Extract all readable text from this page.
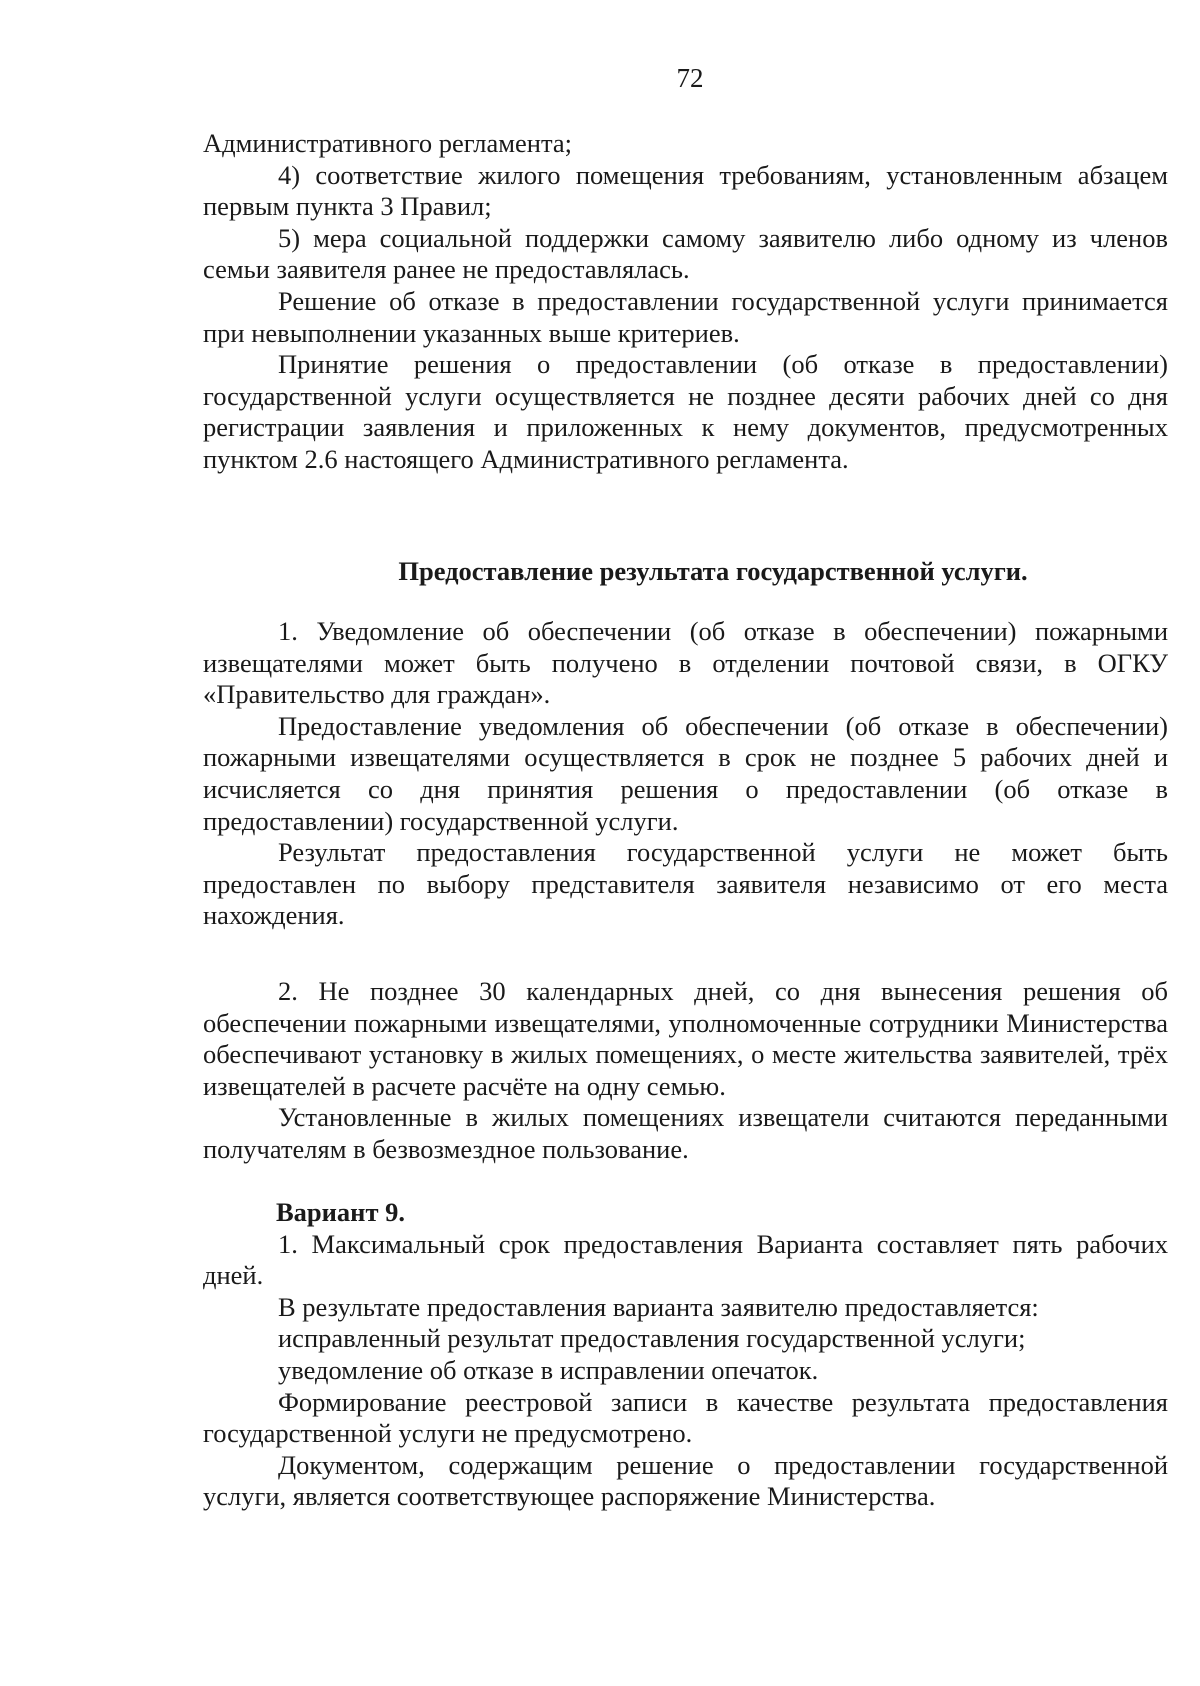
72

Административного регламента;

4) соответствие жилого помещения требованиям, установленным абзацем первым пункта 3 Правил;

5) мера социальной поддержки самому заявителю либо одному из членов семьи заявителя ранее не предоставлялась.

Решение об отказе в предоставлении государственной услуги принимается при невыполнении указанных выше критериев.

Принятие решения о предоставлении (об отказе в предоставлении) государственной услуги осуществляется не позднее десяти рабочих дней со дня регистрации заявления и приложенных к нему документов, предусмотренных пунктом 2.6 настоящего Административного регламента.

Предоставление результата государственной услуги.

1. Уведомление об обеспечении (об отказе в обеспечении) пожарными извещателями может быть получено в отделении почтовой связи, в ОГКУ «Правительство для граждан».

Предоставление уведомления об обеспечении (об отказе в обеспечении) пожарными извещателями осуществляется в срок не позднее 5 рабочих дней и исчисляется со дня принятия решения о предоставлении (об отказе в предоставлении) государственной услуги.

Результат предоставления государственной услуги не может быть предоставлен по выбору представителя заявителя независимо от его места нахождения.

2. Не позднее 30 календарных дней, со дня вынесения решения об обеспечении пожарными извещателями, уполномоченные сотрудники Министерства обеспечивают установку в жилых помещениях, о месте жительства заявителей, трёх извещателей в расчете расчёте на одну семью.

Установленные в жилых помещениях извещатели считаются переданными получателям в безвозмездное пользование.

Вариант 9.

1. Максимальный срок предоставления Варианта составляет пять рабочих дней.

В результате предоставления варианта заявителю предоставляется:

исправленный результат предоставления государственной услуги;

уведомление об отказе в исправлении опечаток.

Формирование реестровой записи в качестве результата предоставления государственной услуги не предусмотрено.

Документом, содержащим решение о предоставлении государственной услуги, является соответствующее распоряжение Министерства.
